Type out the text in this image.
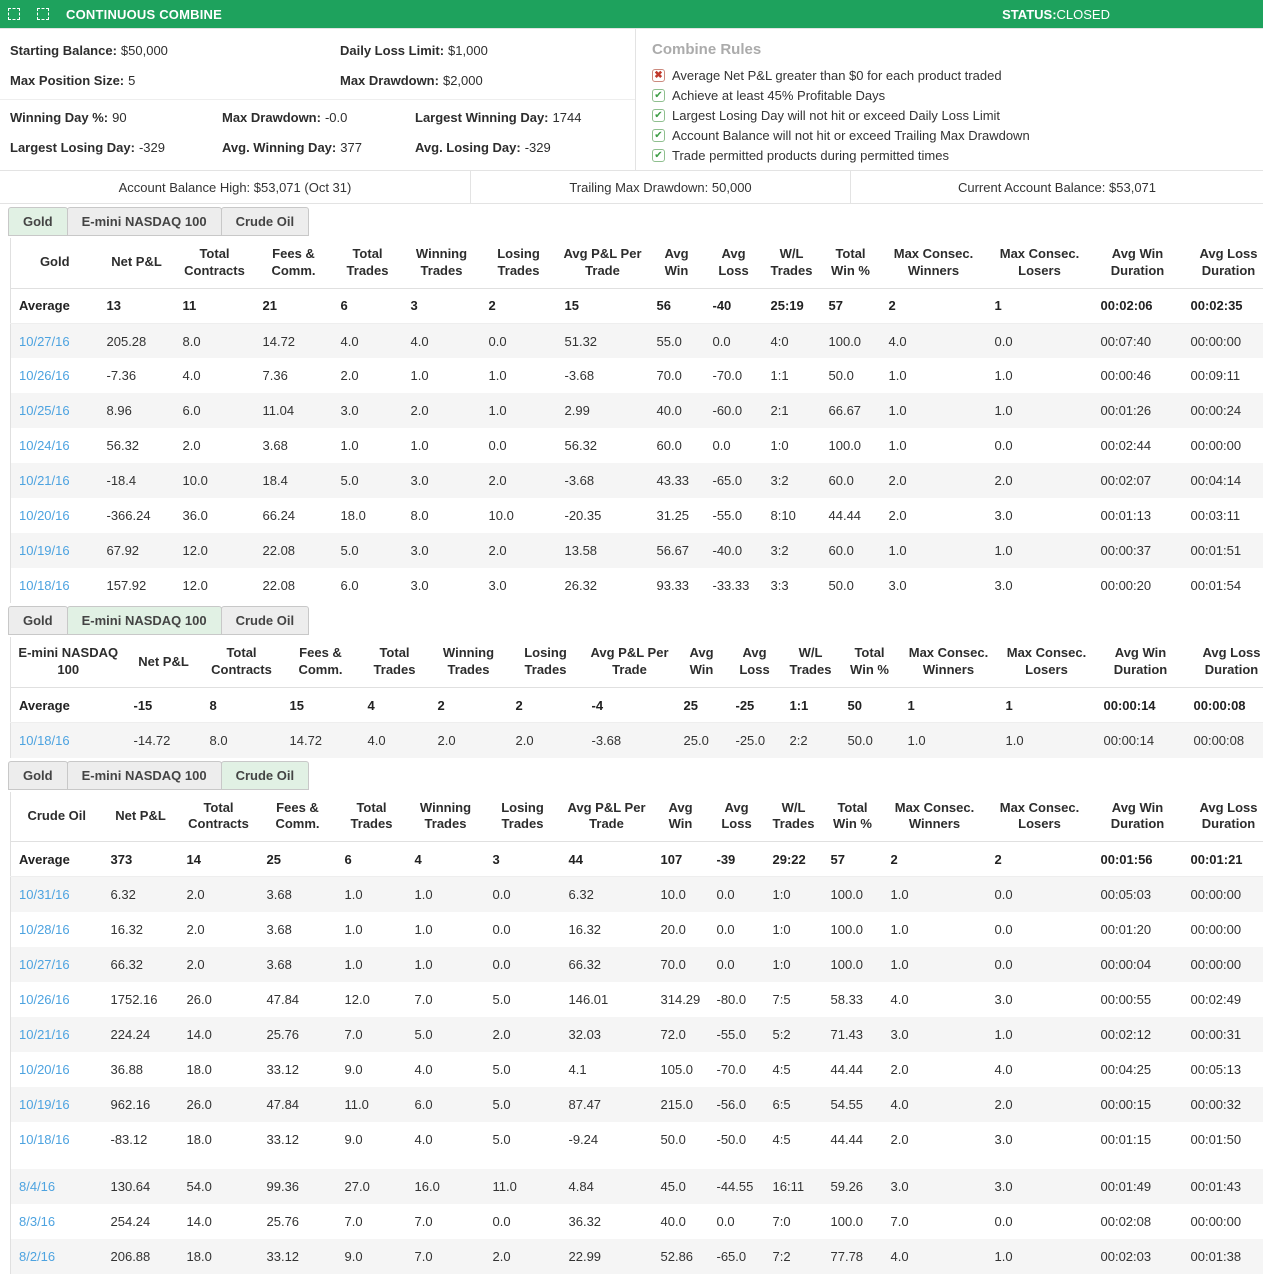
CONTINUOUS COMBINE	STATUS: CLOSED
Starting Balance: $50,000	Daily Loss Limit: $1,000
Max Position Size: 5	Max Drawdown: $2,000
Winning Day %: 90	Max Drawdown: -0.0	Largest Winning Day: 1744
Largest Losing Day: -329	Avg. Winning Day: 377	Avg. Losing Day: -329
Combine Rules
✖ Average Net P&L greater than $0 for each product traded
✔ Achieve at least 45% Profitable Days
✔ Largest Losing Day will not hit or exceed Daily Loss Limit
✔ Account Balance will not hit or exceed Trailing Max Drawdown
✔ Trade permitted products during permitted times
Account Balance High: $53,071 (Oct 31)	Trailing Max Drawdown: 50,000	Current Account Balance: $53,071
Gold	E-mini NASDAQ 100	Crude Oil
Gold	Net P&L	Total Contracts	Fees & Comm.	Total Trades	Winning Trades	Losing Trades	Avg P&L Per Trade	Avg Win	Avg Loss	W/L Trades	Total Win %	Max Consec. Winners	Max Consec. Losers	Avg Win Duration	Avg Loss Duration
Average	13	11	21	6	3	2	15	56	-40	25:19	57	2	1	00:02:06	00:02:35
10/27/16	205.28	8.0	14.72	4.0	4.0	0.0	51.32	55.0	0.0	4:0	100.0	4.0	0.0	00:07:40	00:00:00
10/26/16	-7.36	4.0	7.36	2.0	1.0	1.0	-3.68	70.0	-70.0	1:1	50.0	1.0	1.0	00:00:46	00:09:11
10/25/16	8.96	6.0	11.04	3.0	2.0	1.0	2.99	40.0	-60.0	2:1	66.67	1.0	1.0	00:01:26	00:00:24
10/24/16	56.32	2.0	3.68	1.0	1.0	0.0	56.32	60.0	0.0	1:0	100.0	1.0	0.0	00:02:44	00:00:00
10/21/16	-18.4	10.0	18.4	5.0	3.0	2.0	-3.68	43.33	-65.0	3:2	60.0	2.0	2.0	00:02:07	00:04:14
10/20/16	-366.24	36.0	66.24	18.0	8.0	10.0	-20.35	31.25	-55.0	8:10	44.44	2.0	3.0	00:01:13	00:03:11
10/19/16	67.92	12.0	22.08	5.0	3.0	2.0	13.58	56.67	-40.0	3:2	60.0	1.0	1.0	00:00:37	00:01:51
10/18/16	157.92	12.0	22.08	6.0	3.0	3.0	26.32	93.33	-33.33	3:3	50.0	3.0	3.0	00:00:20	00:01:54
Gold	E-mini NASDAQ 100	Crude Oil
E-mini NASDAQ 100	Net P&L	Total Contracts	Fees & Comm.	Total Trades	Winning Trades	Losing Trades	Avg P&L Per Trade	Avg Win	Avg Loss	W/L Trades	Total Win %	Max Consec. Winners	Max Consec. Losers	Avg Win Duration	Avg Loss Duration
Average	-15	8	15	4	2	2	-4	25	-25	1:1	50	1	1	00:00:14	00:00:08
10/18/16	-14.72	8.0	14.72	4.0	2.0	2.0	-3.68	25.0	-25.0	2:2	50.0	1.0	1.0	00:00:14	00:00:08
Gold	E-mini NASDAQ 100	Crude Oil
Crude Oil	Net P&L	Total Contracts	Fees & Comm.	Total Trades	Winning Trades	Losing Trades	Avg P&L Per Trade	Avg Win	Avg Loss	W/L Trades	Total Win %	Max Consec. Winners	Max Consec. Losers	Avg Win Duration	Avg Loss Duration
Average	373	14	25	6	4	3	44	107	-39	29:22	57	2	2	00:01:56	00:01:21
10/31/16	6.32	2.0	3.68	1.0	1.0	0.0	6.32	10.0	0.0	1:0	100.0	1.0	0.0	00:05:03	00:00:00
10/28/16	16.32	2.0	3.68	1.0	1.0	0.0	16.32	20.0	0.0	1:0	100.0	1.0	0.0	00:01:20	00:00:00
10/27/16	66.32	2.0	3.68	1.0	1.0	0.0	66.32	70.0	0.0	1:0	100.0	1.0	0.0	00:00:04	00:00:00
10/26/16	1752.16	26.0	47.84	12.0	7.0	5.0	146.01	314.29	-80.0	7:5	58.33	4.0	3.0	00:00:55	00:02:49
10/21/16	224.24	14.0	25.76	7.0	5.0	2.0	32.03	72.0	-55.0	5:2	71.43	3.0	1.0	00:02:12	00:00:31
10/20/16	36.88	18.0	33.12	9.0	4.0	5.0	4.1	105.0	-70.0	4:5	44.44	2.0	4.0	00:04:25	00:05:13
10/19/16	962.16	26.0	47.84	11.0	6.0	5.0	87.47	215.0	-56.0	6:5	54.55	4.0	2.0	00:00:15	00:00:32
10/18/16	-83.12	18.0	33.12	9.0	4.0	5.0	-9.24	50.0	-50.0	4:5	44.44	2.0	3.0	00:01:15	00:01:50

8/4/16	130.64	54.0	99.36	27.0	16.0	11.0	4.84	45.0	-44.55	16:11	59.26	3.0	3.0	00:01:49	00:01:43
8/3/16	254.24	14.0	25.76	7.0	7.0	0.0	36.32	40.0	0.0	7:0	100.0	7.0	0.0	00:02:08	00:00:00
8/2/16	206.88	18.0	33.12	9.0	7.0	2.0	22.99	52.86	-65.0	7:2	77.78	4.0	1.0	00:02:03	00:01:38
